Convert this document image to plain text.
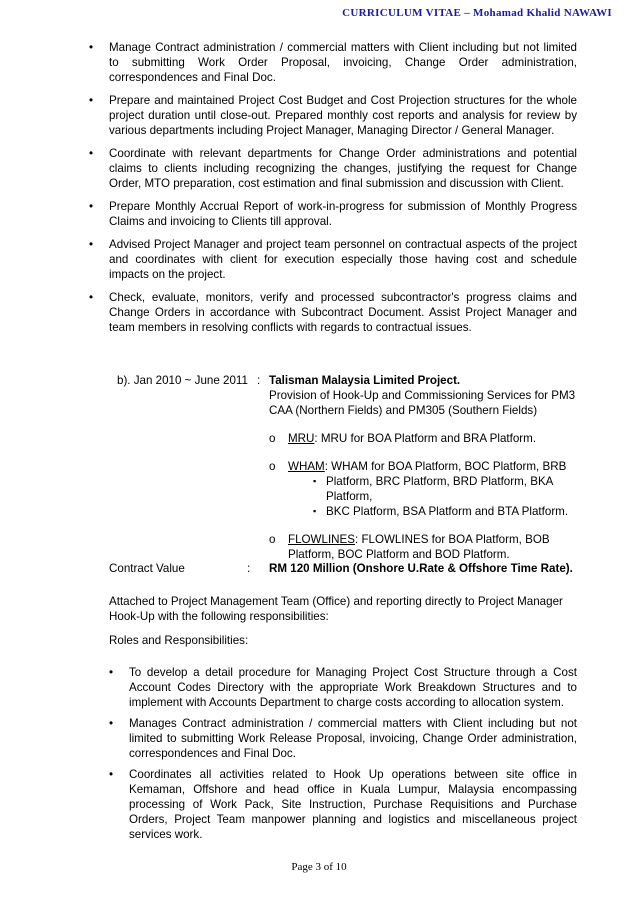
CURRICULUM VITAE – Mohamad Khalid NAWAWI
• Manage Contract administration / commercial matters with Client including but not limited to submitting Work Order Proposal, invoicing, Change Order administration, correspondences and Final Doc.
• Prepare and maintained Project Cost Budget and Cost Projection structures for the whole project duration until close-out. Prepared monthly cost reports and analysis for review by various departments including Project Manager, Managing Director / General Manager.
• Coordinate with relevant departments for Change Order administrations and potential claims to clients including recognizing the changes, justifying the request for Change Order, MTO preparation, cost estimation and final submission and discussion with Client.
• Prepare Monthly Accrual Report of work-in-progress for submission of Monthly Progress Claims and invoicing to Clients till approval.
• Advised Project Manager and project team personnel on contractual aspects of the project and coordinates with client for execution especially those having cost and schedule impacts on the project.
• Check, evaluate, monitors, verify and processed subcontractor's progress claims and Change Orders in accordance with Subcontract Document. Assist Project Manager and team members in resolving conflicts with regards to contractual issues.
b). Jan 2010 ~ June 2011 : Talisman Malaysia Limited Project.
Provision of Hook-Up and Commissioning Services for PM3 CAA (Northern Fields) and PM305 (Southern Fields)
o MRU: MRU for BOA Platform and BRA Platform.
o WHAM: WHAM for BOA Platform, BOC Platform, BRB
▪ Platform, BRC Platform, BRD Platform, BKA Platform,
▪ BKC Platform, BSA Platform and BTA Platform.
o FLOWLINES: FLOWLINES for BOA Platform, BOB Platform, BOC Platform and BOD Platform.
Contract Value	: RM 120 Million (Onshore U.Rate & Offshore Time Rate).
Attached to Project Management Team (Office) and reporting directly to Project Manager Hook-Up with the following responsibilities:
Roles and Responsibilities:
• To develop a detail procedure for Managing Project Cost Structure through a Cost Account Codes Directory with the appropriate Work Breakdown Structures and to implement with Accounts Department to charge costs according to allocation system.
• Manages Contract administration / commercial matters with Client including but not limited to submitting Work Release Proposal, invoicing, Change Order administration, correspondences and Final Doc.
• Coordinates all activities related to Hook Up operations between site office in Kemaman, Offshore and head office in Kuala Lumpur, Malaysia encompassing processing of Work Pack, Site Instruction, Purchase Requisitions and Purchase Orders, Project Team manpower planning and logistics and miscellaneous project services work.
Page 3 of 10
